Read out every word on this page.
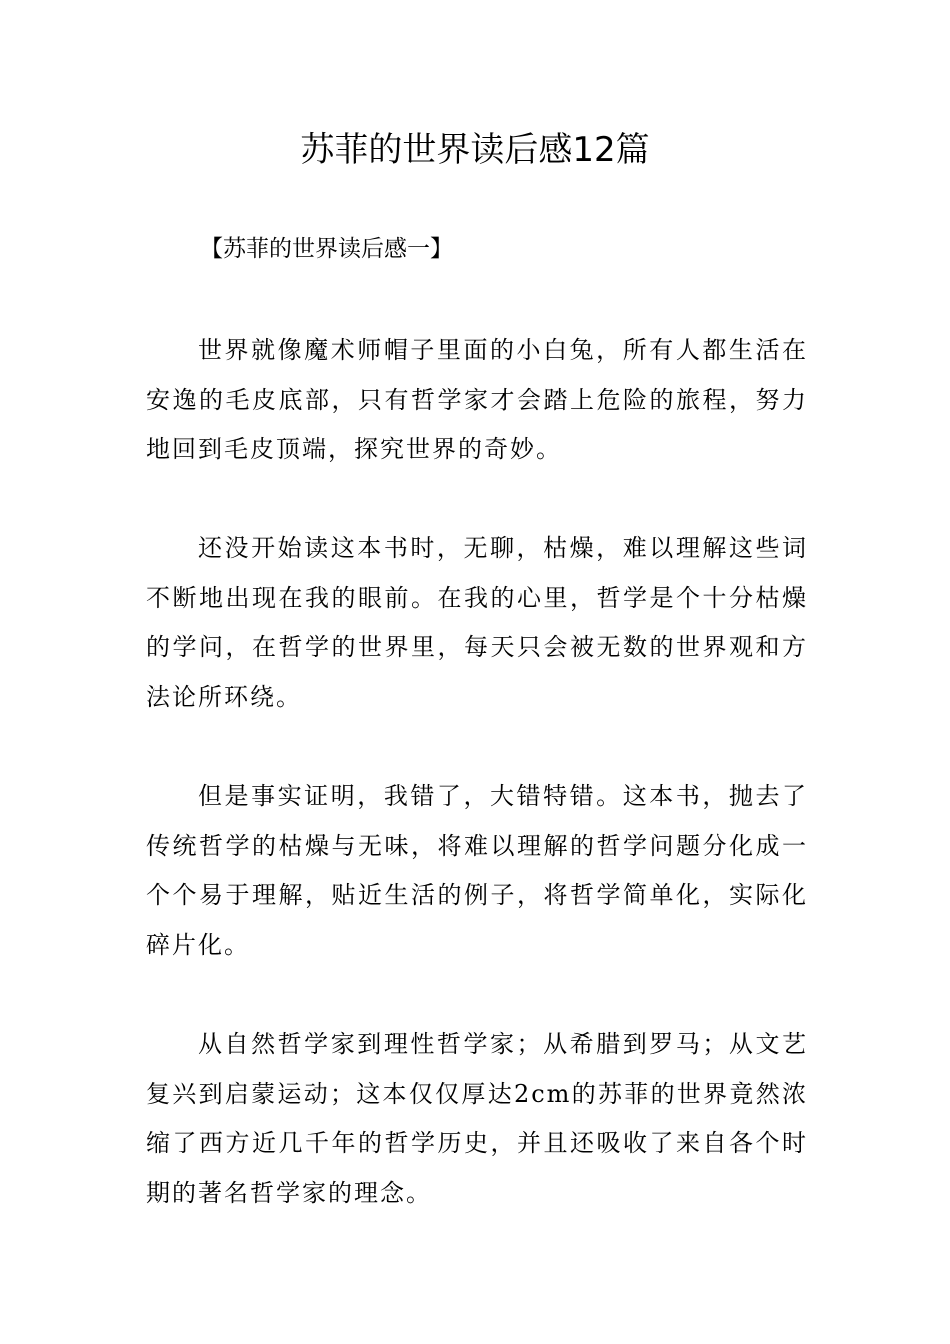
苏菲的世界读后感12篇

【苏菲的世界读后感一】

世界就像魔术师帽子里面的小白兔，所有人都生活在安逸的毛皮底部，只有哲学家才会踏上危险的旅程，努力地回到毛皮顶端，探究世界的奇妙。

还没开始读这本书时，无聊，枯燥，难以理解这些词不断地出现在我的眼前。在我的心里，哲学是个十分枯燥的学问，在哲学的世界里，每天只会被无数的世界观和方法论所环绕。

但是事实证明，我错了，大错特错。这本书，抛去了传统哲学的枯燥与无味，将难以理解的哲学问题分化成一个个易于理解，贴近生活的例子，将哲学简单化，实际化碎片化。

从自然哲学家到理性哲学家；从希腊到罗马；从文艺复兴到启蒙运动；这本仅仅厚达2cm的苏菲的世界竟然浓缩了西方近几千年的哲学历史，并且还吸收了来自各个时期的著名哲学家的理念。
